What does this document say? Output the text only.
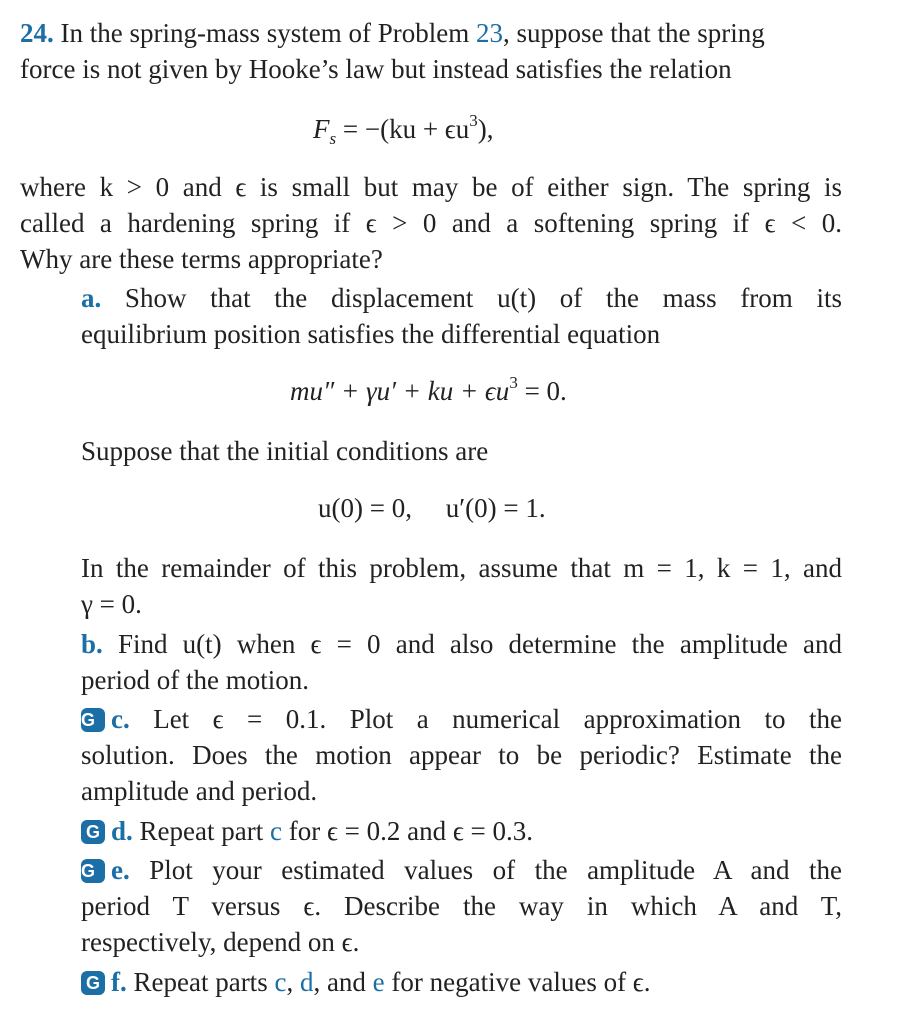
24. In the spring-mass system of Problem 23, suppose that the spring
force is not given by Hooke’s law but instead satisfies the relation
$F_s = -(ku + \epsilon u^3)$,
where k > 0 and ϵ is small but may be of either sign. The spring is
called a hardening spring if ϵ > 0 and a softening spring if ϵ < 0.
Why are these terms appropriate?
a. Show that the displacement u(t) of the mass from its
equilibrium position satisfies the differential equation
mu″ + γu′ + ku + $\epsilon u^3 = 0$.
Suppose that the initial conditions are
u(0) = 0,     u′(0) = 1.
In the remainder of this problem, assume that m = 1, k = 1, and
γ = 0.
b. Find u(t) when ϵ = 0 and also determine the amplitude and
period of the motion.
G c. Let ϵ = 0.1. Plot a numerical approximation to the
solution. Does the motion appear to be periodic? Estimate the
amplitude and period.
G d. Repeat part c for ϵ = 0.2 and ϵ = 0.3.
G e. Plot your estimated values of the amplitude A and the
period T versus ϵ. Describe the way in which A and T,
respectively, depend on ϵ.
G f. Repeat parts c, d, and e for negative values of ϵ.
